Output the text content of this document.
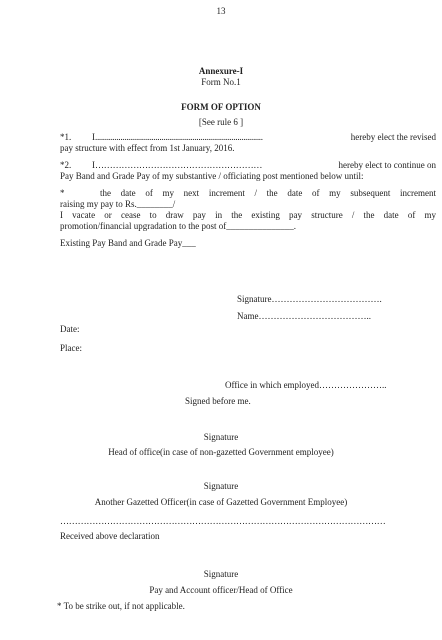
13
Annexure-I
Form No.1
FORM OF OPTION
[See rule 6 ]
*1.	I ......................................................................................	hereby elect the revised
pay structure with effect from 1st January, 2016.
*2.	I …………………………………………………	hereby elect to continue on
Pay Band and Grade Pay of my substantive / officiating post mentioned below until:
*	the date of my next increment / the date of my subsequent increment
raising my pay to Rs.________/
I vacate or cease to draw pay in the existing pay structure / the date of my
promotion/financial upgradation to the post of_______________.
Existing Pay Band and Grade Pay___
Signature……………………………….
Name………………………………..
Date:
Place:
Office in which employed…………………..
Signed before me.
Signature
Head of office(in case of non-gazetted Government employee)
Signature
Another Gazetted Officer(in case of Gazetted Government Employee)
…………………………………………………………………………………………………
Received above declaration
Signature
Pay and Account officer/Head of Office
* To be strike out, if not applicable.
